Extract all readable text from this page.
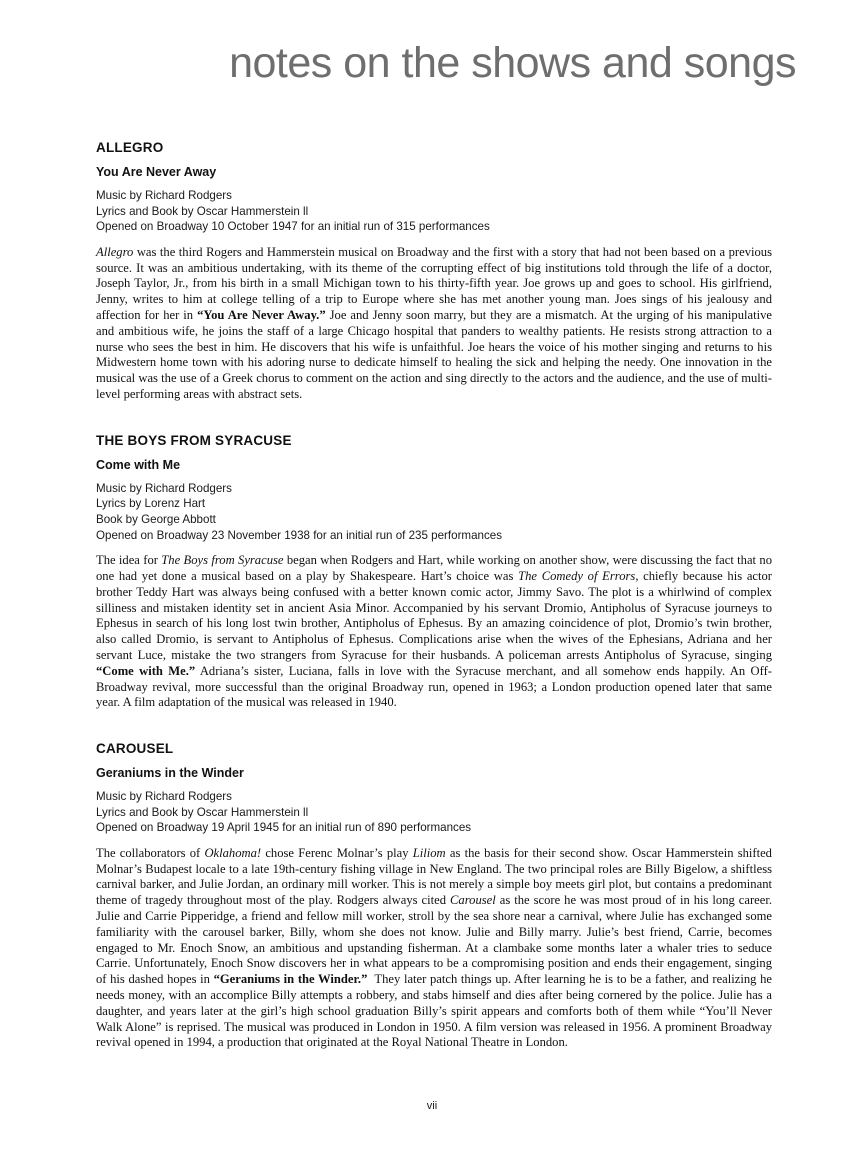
notes on the shows and songs
ALLEGRO
You Are Never Away
Music by Richard Rodgers
Lyrics and Book by Oscar Hammerstein ll
Opened on Broadway 10 October 1947 for an initial run of 315 performances
Allegro was the third Rogers and Hammerstein musical on Broadway and the first with a story that had not been based on a previous source. It was an ambitious undertaking, with its theme of the corrupting effect of big institutions told through the life of a doctor, Joseph Taylor, Jr., from his birth in a small Michigan town to his thirty-fifth year. Joe grows up and goes to school. His girlfriend, Jenny, writes to him at college telling of a trip to Europe where she has met another young man. Joes sings of his jealousy and affection for her in “You Are Never Away.” Joe and Jenny soon marry, but they are a mismatch. At the urging of his manipulative and ambitious wife, he joins the staff of a large Chicago hospital that panders to wealthy patients. He resists strong attraction to a nurse who sees the best in him. He discovers that his wife is unfaithful. Joe hears the voice of his mother singing and returns to his Midwestern home town with his adoring nurse to dedicate himself to healing the sick and helping the needy. One innovation in the musical was the use of a Greek chorus to comment on the action and sing directly to the actors and the audience, and the use of multi-level performing areas with abstract sets.
THE BOYS FROM SYRACUSE
Come with Me
Music by Richard Rodgers
Lyrics by Lorenz Hart
Book by George Abbott
Opened on Broadway 23 November 1938 for an initial run of 235 performances
The idea for The Boys from Syracuse began when Rodgers and Hart, while working on another show, were discussing the fact that no one had yet done a musical based on a play by Shakespeare. Hart’s choice was The Comedy of Errors, chiefly because his actor brother Teddy Hart was always being confused with a better known comic actor, Jimmy Savo. The plot is a whirlwind of complex silliness and mistaken identity set in ancient Asia Minor. Accompanied by his servant Dromio, Antipholus of Syracuse journeys to Ephesus in search of his long lost twin brother, Antipholus of Ephesus. By an amazing coincidence of plot, Dromio’s twin brother, also called Dromio, is servant to Antipholus of Ephesus. Complications arise when the wives of the Ephesians, Adriana and her servant Luce, mistake the two strangers from Syracuse for their husbands. A policeman arrests Antipholus of Syracuse, singing “Come with Me.” Adriana’s sister, Luciana, falls in love with the Syracuse merchant, and all somehow ends happily. An Off-Broadway revival, more successful than the original Broadway run, opened in 1963; a London production opened later that same year. A film adaptation of the musical was released in 1940.
CAROUSEL
Geraniums in the Winder
Music by Richard Rodgers
Lyrics and Book by Oscar Hammerstein ll
Opened on Broadway 19 April 1945 for an initial run of 890 performances
The collaborators of Oklahoma! chose Ferenc Molnar’s play Liliom as the basis for their second show. Oscar Hammerstein shifted Molnar’s Budapest locale to a late 19th-century fishing village in New England. The two principal roles are Billy Bigelow, a shiftless carnival barker, and Julie Jordan, an ordinary mill worker. This is not merely a simple boy meets girl plot, but contains a predominant theme of tragedy throughout most of the play. Rodgers always cited Carousel as the score he was most proud of in his long career. Julie and Carrie Pipperidge, a friend and fellow mill worker, stroll by the sea shore near a carnival, where Julie has exchanged some familiarity with the carousel barker, Billy, whom she does not know. Julie and Billy marry. Julie’s best friend, Carrie, becomes engaged to Mr. Enoch Snow, an ambitious and upstanding fisherman. At a clambake some months later a whaler tries to seduce Carrie. Unfortunately, Enoch Snow discovers her in what appears to be a compromising position and ends their engagement, singing of his dashed hopes in “Geraniums in the Winder.”  They later patch things up. After learning he is to be a father, and realizing he needs money, with an accomplice Billy attempts a robbery, and stabs himself and dies after being cornered by the police. Julie has a daughter, and years later at the girl’s high school graduation Billy’s spirit appears and comforts both of them while “You’ll Never Walk Alone” is reprised. The musical was produced in London in 1950. A film version was released in 1956. A prominent Broadway revival opened in 1994, a production that originated at the Royal National Theatre in London.
vii
